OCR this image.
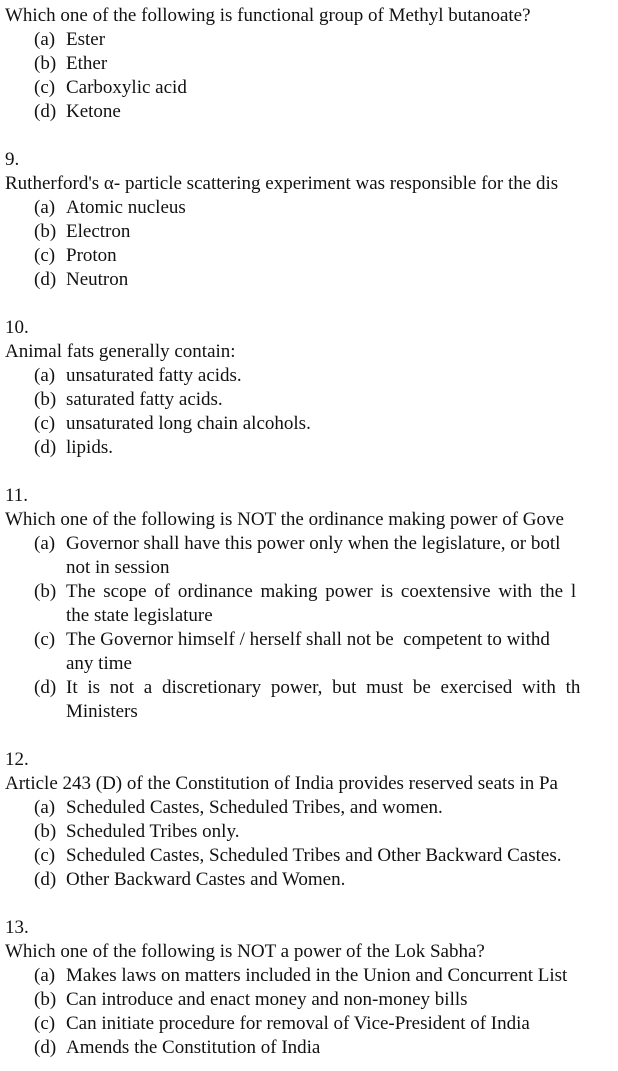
Which one of the following is functional group of Methyl butanoate?
(a) Ester
(b) Ether
(c) Carboxylic acid
(d) Ketone
9.
Rutherford's α- particle scattering experiment was responsible for the dis
(a) Atomic nucleus
(b) Electron
(c) Proton
(d) Neutron
10.
Animal fats generally contain:
(a) unsaturated fatty acids.
(b) saturated fatty acids.
(c) unsaturated long chain alcohols.
(d) lipids.
11.
Which one of the following is NOT the ordinance making power of Gove
(a) Governor shall have this power only when the legislature, or botl
not in session
(b) The scope of ordinance making power is coextensive with the l
the state legislature
(c) The Governor himself / herself shall not be  competent to withd
any time
(d) It is not a discretionary power, but must be exercised with th
Ministers
12.
Article 243 (D) of the Constitution of India provides reserved seats in Pa
(a) Scheduled Castes, Scheduled Tribes, and women.
(b) Scheduled Tribes only.
(c) Scheduled Castes, Scheduled Tribes and Other Backward Castes.
(d) Other Backward Castes and Women.
13.
Which one of the following is NOT a power of the Lok Sabha?
(a) Makes laws on matters included in the Union and Concurrent List
(b) Can introduce and enact money and non-money bills
(c) Can initiate procedure for removal of Vice-President of India
(d) Amends the Constitution of India
